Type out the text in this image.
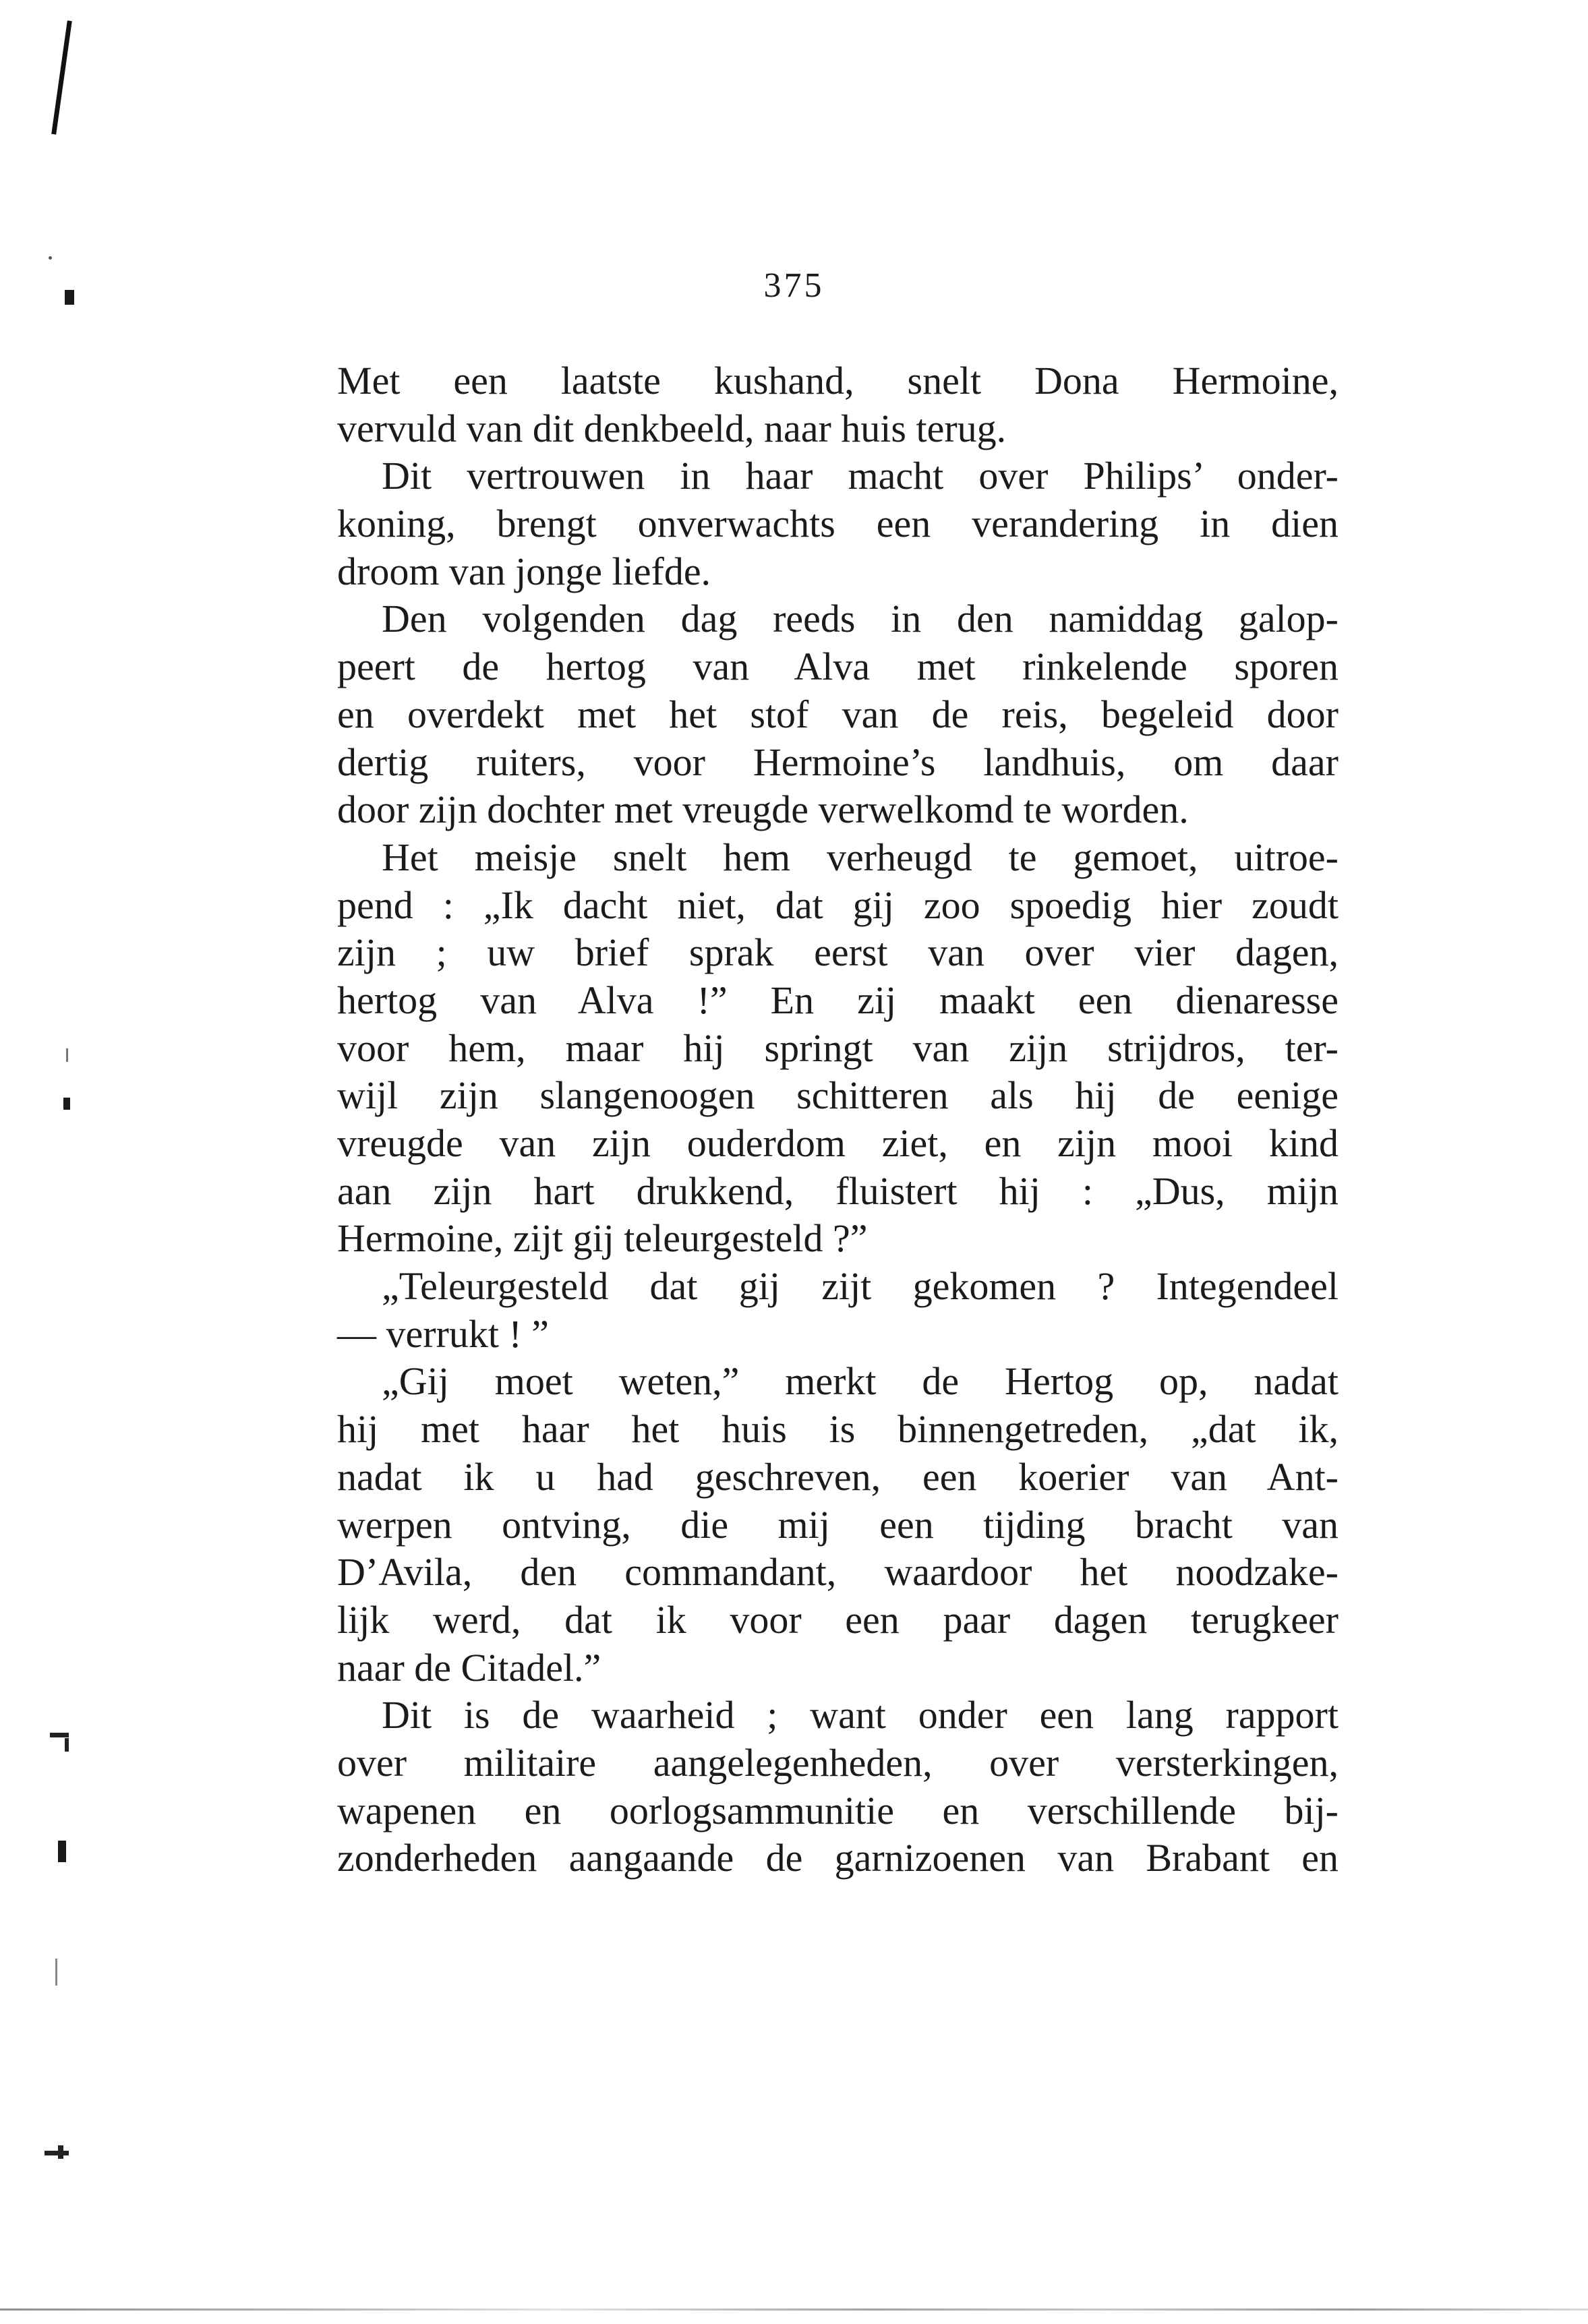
375
Met een laatste kushand, snelt Dona Hermoine,
vervuld van dit denkbeeld, naar huis terug.
Dit vertrouwen in haar macht over Philips’ onder-
koning, brengt onverwachts een verandering in dien
droom van jonge liefde.
Den volgenden dag reeds in den namiddag galop-
peert de hertog van Alva met rinkelende sporen
en overdekt met het stof van de reis, begeleid door
dertig ruiters, voor Hermoine’s landhuis, om daar
door zijn dochter met vreugde verwelkomd te worden.
Het meisje snelt hem verheugd te gemoet, uitroe-
pend : „Ik dacht niet, dat gij zoo spoedig hier zoudt
zijn ; uw brief sprak eerst van over vier dagen,
hertog van Alva !” En zij maakt een dienaresse
voor hem, maar hij springt van zijn strijdros, ter-
wijl zijn slangenoogen schitteren als hij de eenige
vreugde van zijn ouderdom ziet, en zijn mooi kind
aan zijn hart drukkend, fluistert hij : „Dus, mijn
Hermoine, zijt gij teleurgesteld ?”
„Teleurgesteld dat gij zijt gekomen ? Integendeel
— verrukt ! ”
„Gij moet weten,” merkt de Hertog op, nadat
hij met haar het huis is binnengetreden, „dat ik,
nadat ik u had geschreven, een koerier van Ant-
werpen ontving, die mij een tijding bracht van
D’Avila, den commandant, waardoor het noodzake-
lijk werd, dat ik voor een paar dagen terugkeer
naar de Citadel.”
Dit is de waarheid ; want onder een lang rapport
over militaire aangelegenheden, over versterkingen,
wapenen en oorlogsammunitie en verschillende bij-
zonderheden aangaande de garnizoenen van Brabant en
